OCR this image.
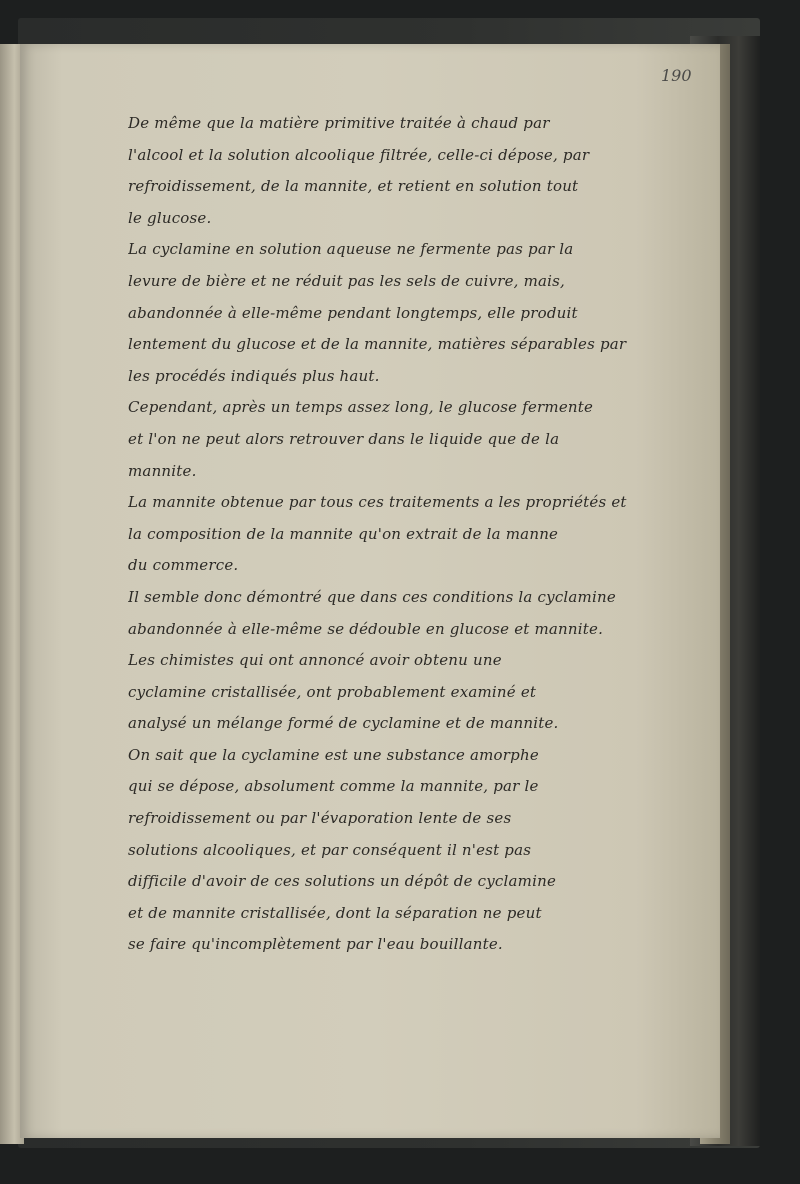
190
De même que la matière primitive traitée à chaud par
l'alcool et la solution alcoolique filtrée, celle-ci dépose, par
refroidissement, de la mannite, et retient en solution tout
le glucose.
La cyclamine en solution aqueuse ne fermente pas par la
levure de bière et ne réduit pas les sels de cuivre, mais,
abandonnée à elle-même pendant longtemps, elle produit
lentement du glucose et de la mannite, matières séparables par
les procédés indiqués plus haut.
Cependant, après un temps assez long, le glucose fermente
et l'on ne peut alors retrouver dans le liquide que de la
mannite.
La mannite obtenue par tous ces traitements a les propriétés et
la composition de la mannite qu'on extrait de la manne
du commerce.
Il semble donc démontré que dans ces conditions la cyclamine
abandonnée à elle-même se dédouble en glucose et mannite.
Les chimistes qui ont annoncé avoir obtenu une
cyclamine cristallisée, ont probablement examiné et
analysé un mélange formé de cyclamine et de mannite.
On sait que la cyclamine est une substance amorphe
qui se dépose, absolument comme la mannite, par le
refroidissement ou par l'évaporation lente de ses
solutions alcooliques, et par conséquent il n'est pas
difficile d'avoir de ces solutions un dépôt de cyclamine
et de mannite cristallisée, dont la séparation ne peut
se faire qu'incomplètement par l'eau bouillante.
